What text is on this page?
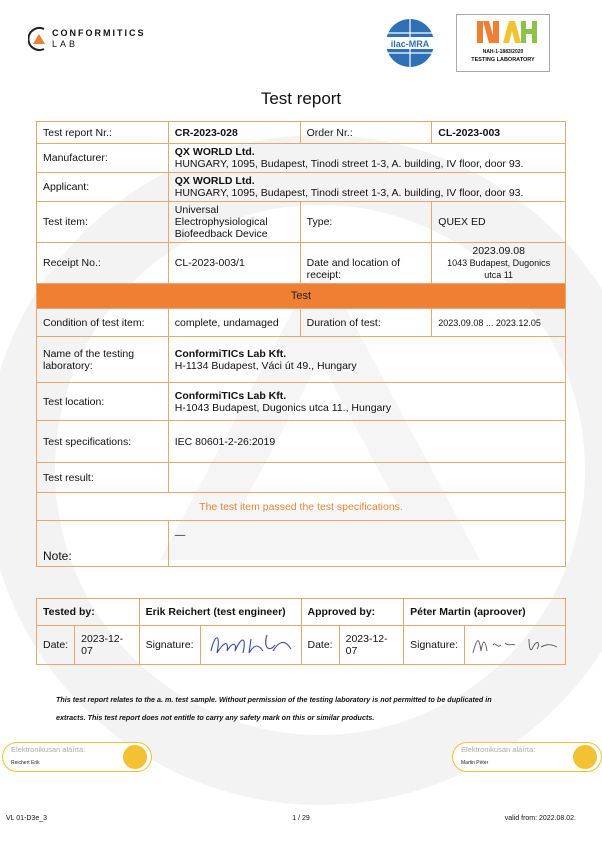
CONFORMITICS
LAB	ilac-MRA
NAH-1-1883/2020
TESTING LABORATORY
Test report
Test report Nr.:	CR-2023-028	Order Nr.:	CL-2023-003
Manufacturer:	QX WORLD Ltd.
HUNGARY, 1095, Budapest, Tinodi street 1-3, A. building, IV floor, door 93.		

Applicant:	QX WORLD Ltd.
HUNGARY, 1095, Budapest, Tinodi street 1-3, A. building, IV floor, door 93.		

Test item:	Universal
Electrophysiological
Biofeedback Device	Type:	QUEX ED
Receipt No.:	CL-2023-003/1	Date and location of receipt:	2023.09.08
1043 Budapest, Dugonics utca 11

Test			
Condition of test item:	complete, undamaged	Duration of test:	2023.09.08 ... 2023.12.05
Name of the testing laboratory:	ConformiTICs Lab Kft.
H-1134 Budapest, Váci út 49., Hungary		

Test location:	ConformiTICs Lab Kft.
H-1043 Budapest, Dugonics utca 11., Hungary		

Test specifications:	IEC 80601-2-26:2019		
Test result:			
The test item passed the test specifications.			
Note:	—		
Tested by:		Erik Reichert (test engineer)		Approved by:		Péter Martin (aproover)	
Date:	2023-12-07	Signature:		Date:	2023-12-07	Signature:	
This test report relates to the a. m. test sample. Without permission of the testing laboratory is not permitted to be duplicated in
extracts. This test report does not entitle to carry any safety mark on this or similar products.
Elektronikusan aláírta:
Reichert Erik
Elektronikusan aláírta:
Martin Péter
VL 01-D3e_3	1 / 29	valid from: 2022.08.02.
